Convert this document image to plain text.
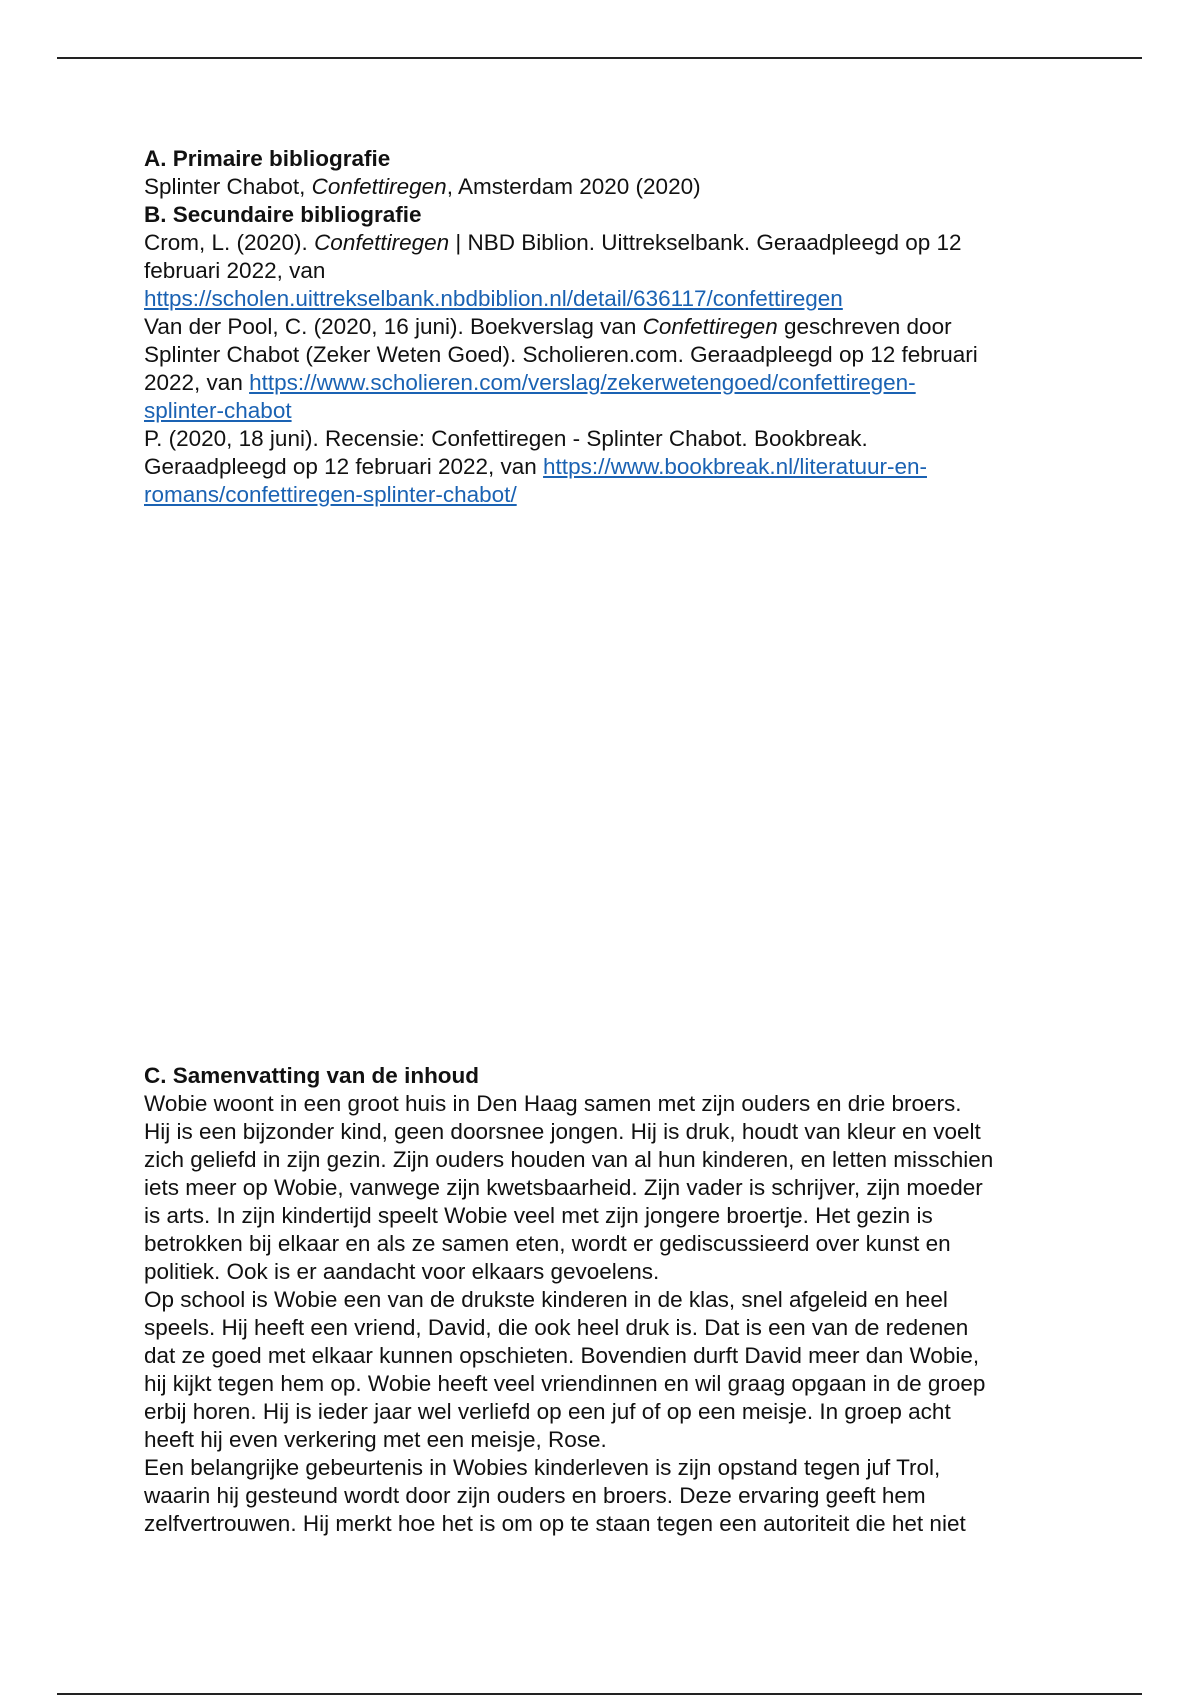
A. Primaire bibliografie
Splinter Chabot, Confettiregen, Amsterdam 2020 (2020)
B. Secundaire bibliografie
Crom, L. (2020). Confettiregen | NBD Biblion. Uittrekselbank. Geraadpleegd op 12
februari 2022, van
https://scholen.uittrekselbank.nbdbiblion.nl/detail/636117/confettiregen
Van der Pool, C. (2020, 16 juni). Boekverslag van Confettiregen geschreven door
Splinter Chabot (Zeker Weten Goed). Scholieren.com. Geraadpleegd op 12 februari
2022, van https://www.scholieren.com/verslag/zekerwetengoed/confettiregen-
splinter-chabot
P. (2020, 18 juni). Recensie: Confettiregen - Splinter Chabot. Bookbreak.
Geraadpleegd op 12 februari 2022, van https://www.bookbreak.nl/literatuur-en-
romans/confettiregen-splinter-chabot/
C. Samenvatting van de inhoud
Wobie woont in een groot huis in Den Haag samen met zijn ouders en drie broers.
Hij is een bijzonder kind, geen doorsnee jongen. Hij is druk, houdt van kleur en voelt
zich geliefd in zijn gezin. Zijn ouders houden van al hun kinderen, en letten misschien
iets meer op Wobie, vanwege zijn kwetsbaarheid. Zijn vader is schrijver, zijn moeder
is arts. In zijn kindertijd speelt Wobie veel met zijn jongere broertje. Het gezin is
betrokken bij elkaar en als ze samen eten, wordt er gediscussieerd over kunst en
politiek. Ook is er aandacht voor elkaars gevoelens.
Op school is Wobie een van de drukste kinderen in de klas, snel afgeleid en heel
speels. Hij heeft een vriend, David, die ook heel druk is. Dat is een van de redenen
dat ze goed met elkaar kunnen opschieten. Bovendien durft David meer dan Wobie,
hij kijkt tegen hem op. Wobie heeft veel vriendinnen en wil graag opgaan in de groep
erbij horen. Hij is ieder jaar wel verliefd op een juf of op een meisje. In groep acht
heeft hij even verkering met een meisje, Rose.
Een belangrijke gebeurtenis in Wobies kinderleven is zijn opstand tegen juf Trol,
waarin hij gesteund wordt door zijn ouders en broers. Deze ervaring geeft hem
zelfvertrouwen. Hij merkt hoe het is om op te staan tegen een autoriteit die het niet
